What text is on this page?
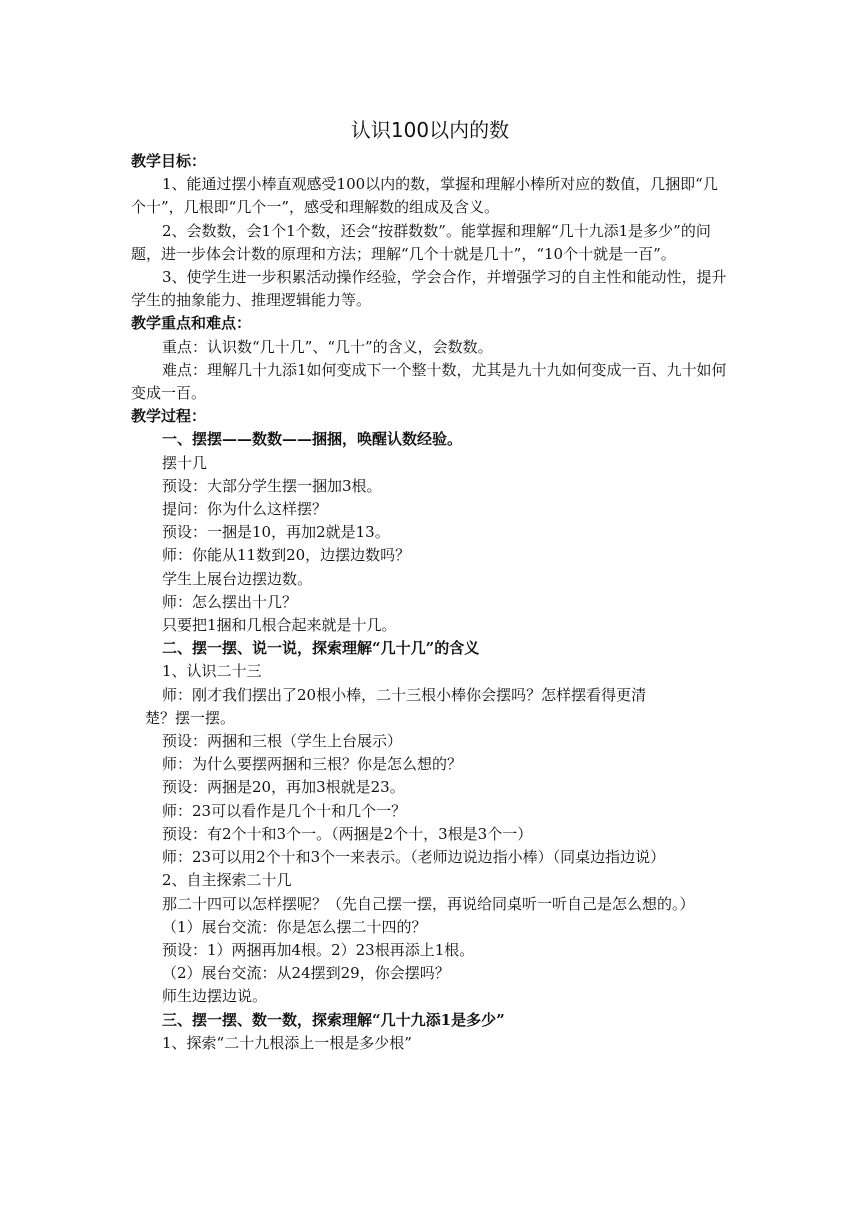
认识100以内的数

教学目标：

1、能通过摆小棒直观感受100以内的数，掌握和理解小棒所对应的数值，几捆即“几个十”，几根即“几个一”，感受和理解数的组成及含义。

2、会数数，会1个1个数，还会“按群数数”。能掌握和理解“几十九添1是多少”的问题，进一步体会计数的原理和方法；理解“几个十就是几十”，“10个十就是一百”。

3、使学生进一步积累活动操作经验，学会合作，并增强学习的自主性和能动性，提升学生的抽象能力、推理逻辑能力等。

教学重点和难点：

重点：认识数“几十几”、“几十”的含义，会数数。

难点：理解几十九添1如何变成下一个整十数，尤其是九十九如何变成一百、九十如何变成一百。

教学过程：

一、摆摆——数数——捆捆，唤醒认数经验。

摆十几

预设：大部分学生摆一捆加3根。

提问：你为什么这样摆？

预设：一捆是10，再加2就是13。

师：你能从11数到20，边摆边数吗？

学生上展台边摆边数。

师：怎么摆出十几？

只要把1捆和几根合起来就是十几。

二、摆一摆、说一说，探索理解“几十几”的含义

1、认识二十三

师：刚才我们摆出了20根小棒，二十三根小棒你会摆吗？怎样摆看得更清

楚？摆一摆。

预设：两捆和三根（学生上台展示）

师：为什么要摆两捆和三根？你是怎么想的？

预设：两捆是20，再加3根就是23。

师：23可以看作是几个十和几个一？

预设：有2个十和3个一。（两捆是2个十，3根是3个一）

师：23可以用2个十和3个一来表示。（老师边说边指小棒）（同桌边指边说）

2、自主探索二十几

那二十四可以怎样摆呢？（先自己摆一摆，再说给同桌听一听自己是怎么想的。）

（1）展台交流：你是怎么摆二十四的？

预设：1）两捆再加4根。2）23根再添上1根。

（2）展台交流：从24摆到29，你会摆吗？

师生边摆边说。

三、摆一摆、数一数，探索理解“几十九添1是多少”

1、探索“二十九根添上一根是多少根”
